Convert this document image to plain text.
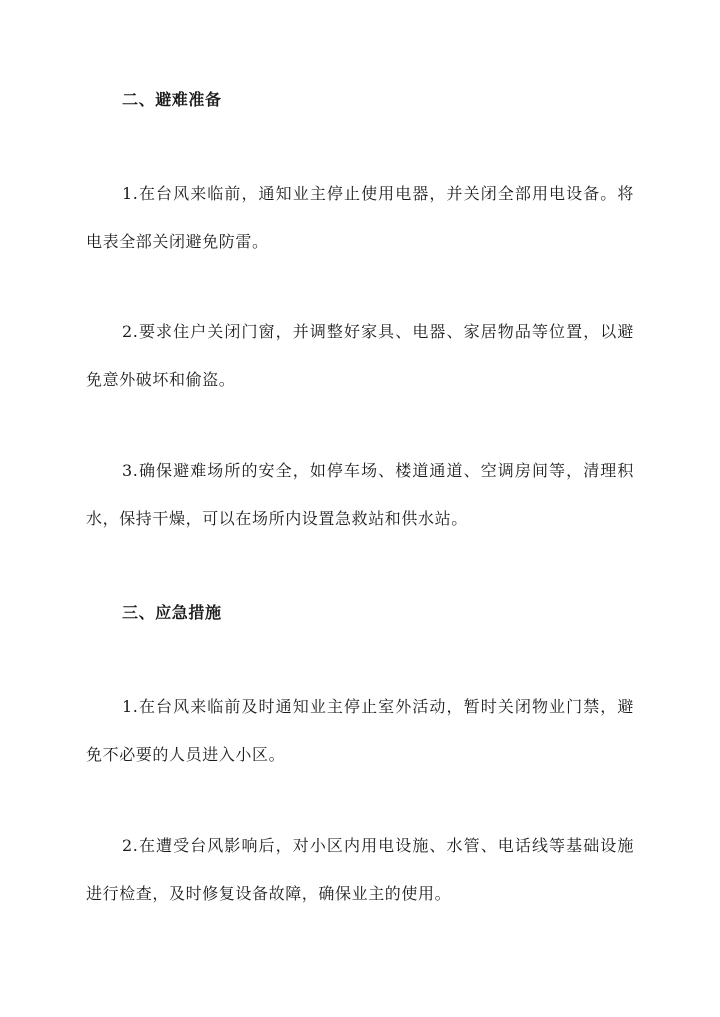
二、避难准备

1.在台风来临前，通知业主停止使用电器，并关闭全部用电设备。将电表全部关闭避免防雷。

2.要求住户关闭门窗，并调整好家具、电器、家居物品等位置，以避免意外破坏和偷盗。

3.确保避难场所的安全，如停车场、楼道通道、空调房间等，清理积水，保持干燥，可以在场所内设置急救站和供水站。

三、应急措施

1.在台风来临前及时通知业主停止室外活动，暂时关闭物业门禁，避免不必要的人员进入小区。

2.在遭受台风影响后，对小区内用电设施、水管、电话线等基础设施进行检查，及时修复设备故障，确保业主的使用。
